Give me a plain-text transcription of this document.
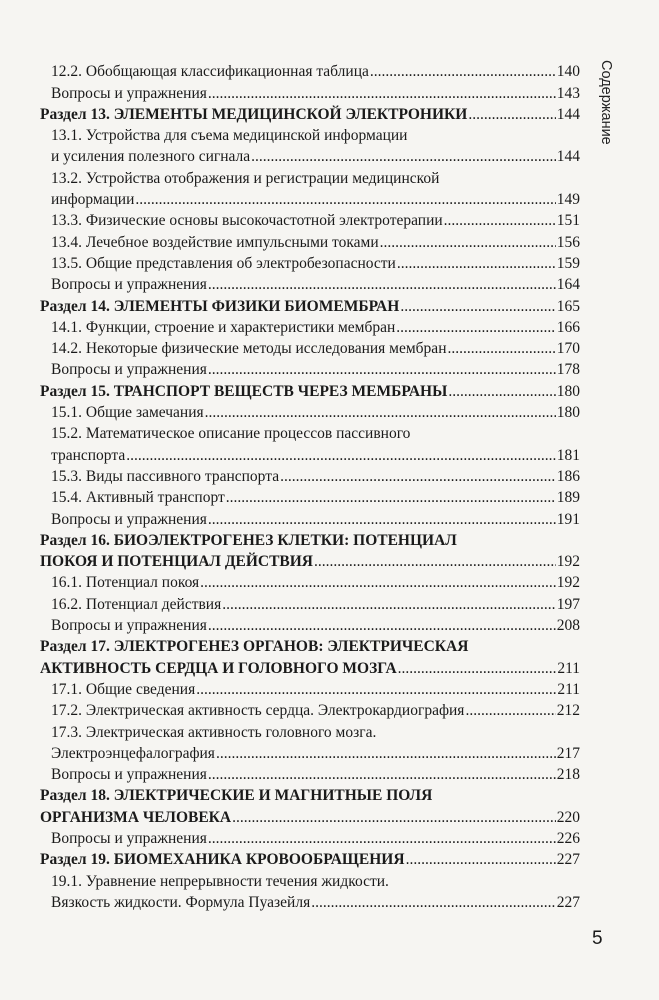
Содержание
12.2. Обобщающая классификационная таблица .....	140
Вопросы и упражнения .....	143
Раздел 13. ЭЛЕМЕНТЫ МЕДИЦИНСКОЙ ЭЛЕКТРОНИКИ .....	144
13.1. Устройства для съема медицинской информации
и усиления полезного сигнала .....	144
13.2. Устройства отображения и регистрации медицинской
информации .....	149
13.3. Физические основы высокочастотной электротерапии .....	151
13.4. Лечебное воздействие импульсными токами .....	156
13.5. Общие представления об электробезопасности .....	159
Вопросы и упражнения .....	164
Раздел 14. ЭЛЕМЕНТЫ ФИЗИКИ БИОМЕМБРАН .....	165
14.1. Функции, строение и характеристики мембран .....	166
14.2. Некоторые физические методы исследования мембран .....	170
Вопросы и упражнения .....	178
Раздел 15. ТРАНСПОРТ ВЕЩЕСТВ ЧЕРЕЗ МЕМБРАНЫ .....	180
15.1. Общие замечания .....	180
15.2. Математическое описание процессов пассивного
транспорта .....	181
15.3. Виды пассивного транспорта .....	186
15.4. Активный транспорт .....	189
Вопросы и упражнения .....	191
Раздел 16. БИОЭЛЕКТРОГЕНЕЗ КЛЕТКИ: ПОТЕНЦИАЛ
ПОКОЯ И ПОТЕНЦИАЛ ДЕЙСТВИЯ .....	192
16.1. Потенциал покоя .....	192
16.2. Потенциал действия .....	197
Вопросы и упражнения .....	208
Раздел 17. ЭЛЕКТРОГЕНЕЗ ОРГАНОВ: ЭЛЕКТРИЧЕСКАЯ
АКТИВНОСТЬ СЕРДЦА И ГОЛОВНОГО МОЗГА .....	211
17.1. Общие сведения .....	211
17.2. Электрическая активность сердца. Электрокардиография .....	212
17.3. Электрическая активность головного мозга.
Электроэнцефалография .....	217
Вопросы и упражнения .....	218
Раздел 18. ЭЛЕКТРИЧЕСКИЕ И МАГНИТНЫЕ ПОЛЯ
ОРГАНИЗМА ЧЕЛОВЕКА .....	220
Вопросы и упражнения .....	226
Раздел 19. БИОМЕХАНИКА КРОВООБРАЩЕНИЯ .....	227
19.1. Уравнение непрерывности течения жидкости.
Вязкость жидкости. Формула Пуазейля .....	227
5
